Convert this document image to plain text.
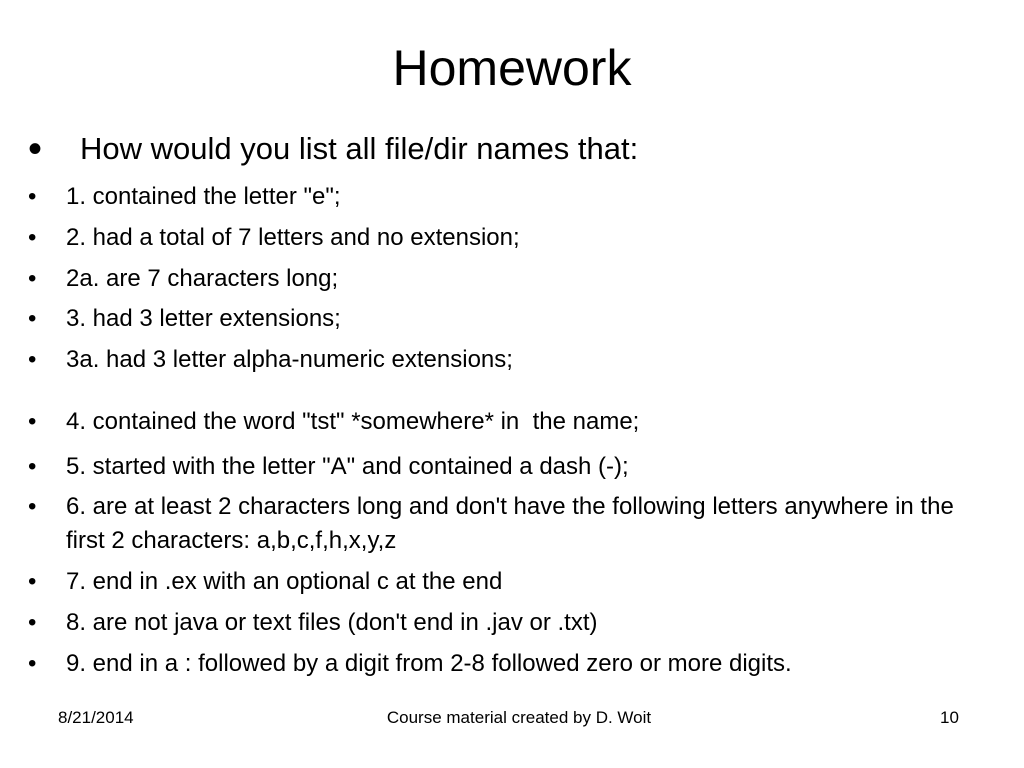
Homework
• How would you list all file/dir names that:
• 1. contained the letter "e";
• 2. had a total of 7 letters and no extension;
• 2a. are 7 characters long;
• 3. had 3 letter extensions;
• 3a. had 3 letter alpha-numeric extensions;
• 4. contained the word "tst" *somewhere* in  the name;
• 5. started with the letter "A" and contained a dash (-);
• 6. are at least 2 characters long and don't have the following letters anywhere in the first 2 characters: a,b,c,f,h,x,y,z
• 7. end in .ex with an optional c at the end
• 8. are not java or text files (don't end in .jav or .txt)
• 9. end in a : followed by a digit from 2-8 followed zero or more digits.
8/21/2014	Course material created by D. Woit	10
